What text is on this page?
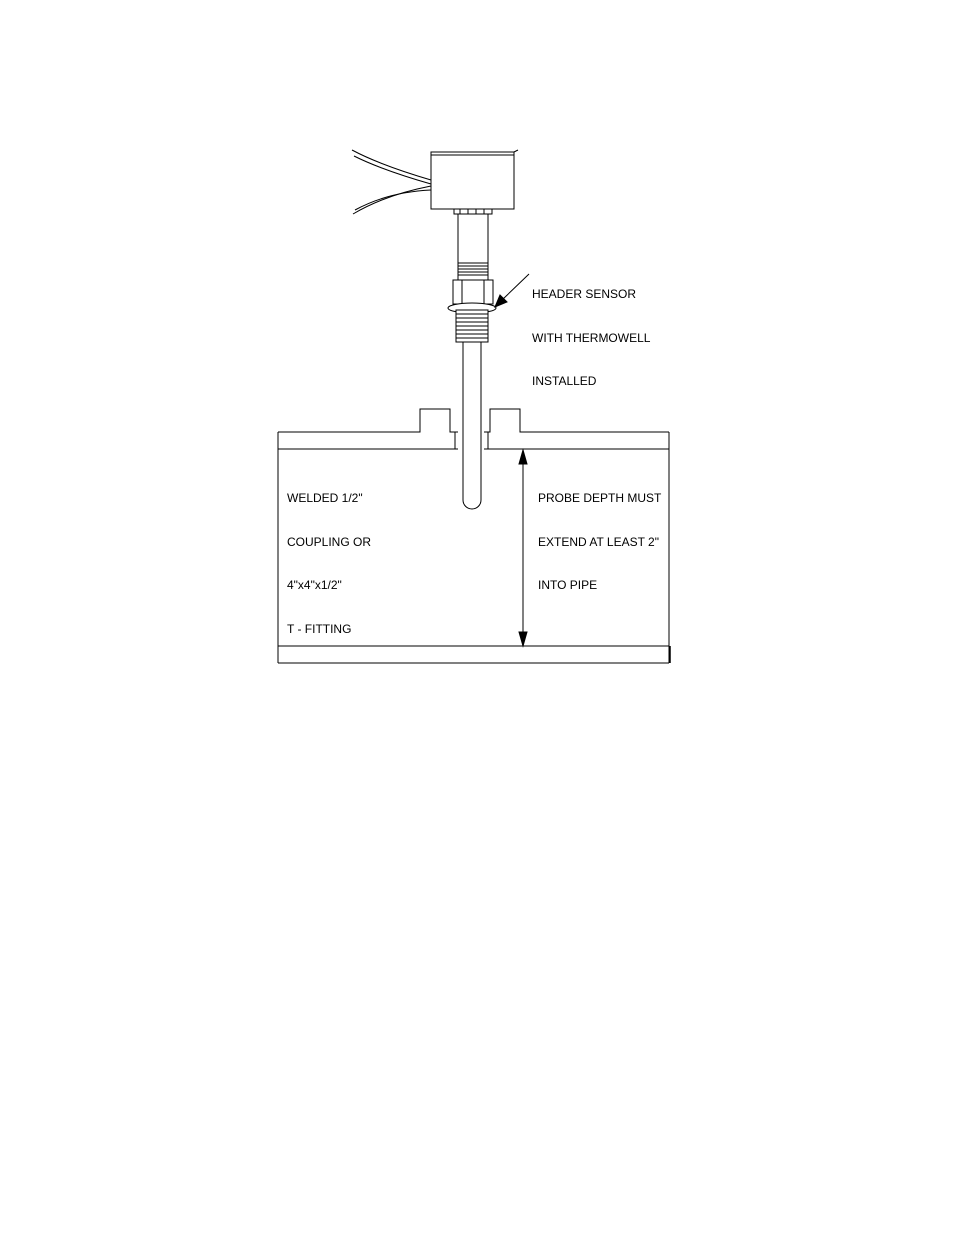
HEADER SENSOR

WITH THERMOWELL

INSTALLED

WELDED 1/2"

COUPLING OR

4"x4"x1/2"

T - FITTING

PROBE DEPTH MUST

EXTEND AT LEAST 2"

INTO PIPE
